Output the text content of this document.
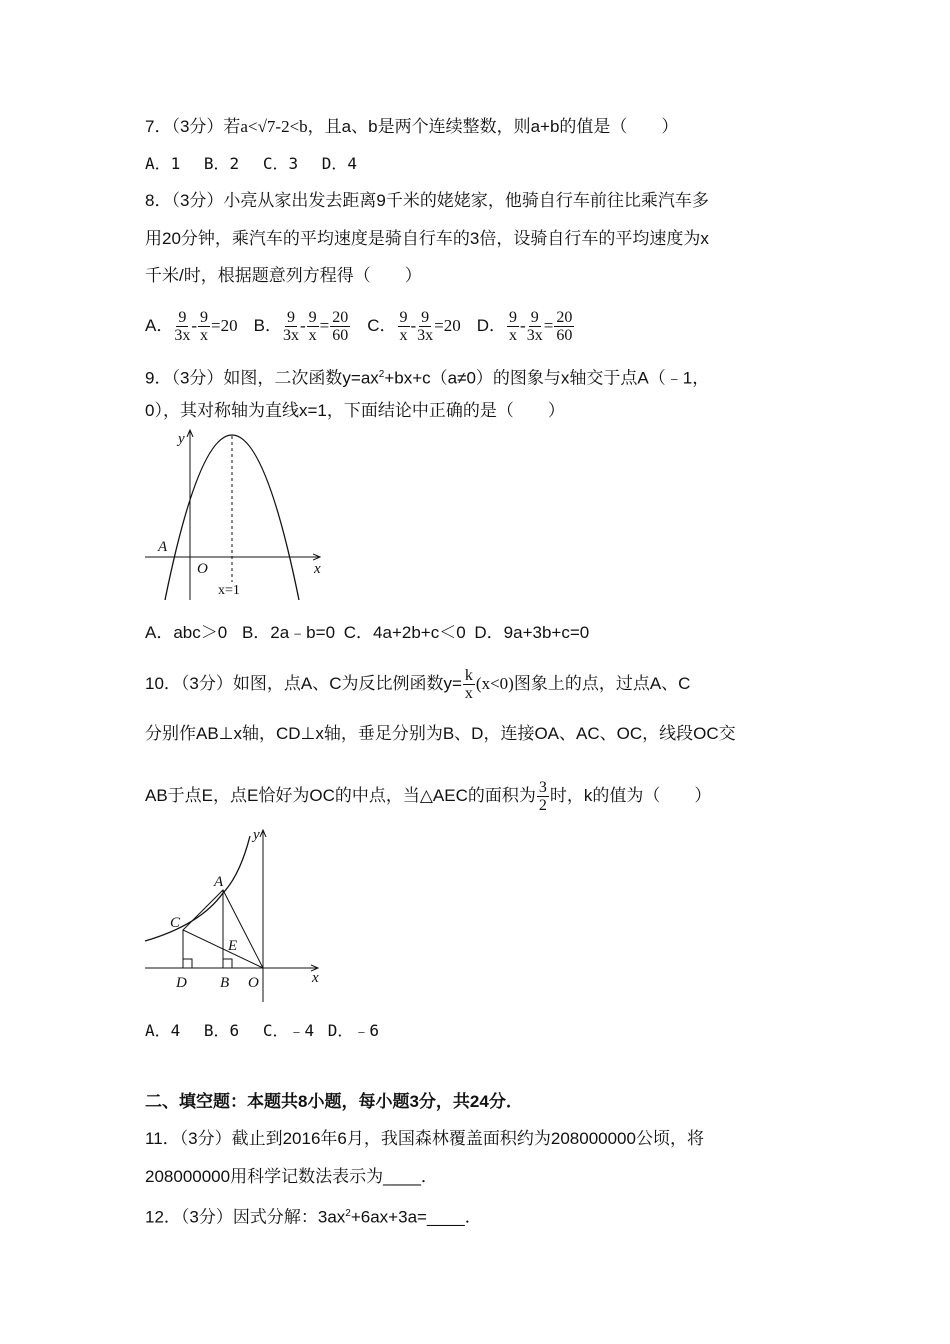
7．（3分）若a<√7-2<b，且a、b是两个连续整数，则a+b的值是（　　）
A．1 B．2 C．3 D．4
8．（3分）小亮从家出发去距离9千米的姥姥家，他骑自行车前往比乘汽车多
用20分钟，乘汽车的平均速度是骑自行车的3倍，设骑自行车的平均速度为x
千米/时，根据题意列方程得（　　）
A． $\frac{9}{3x} - \frac{9}{x} =20$ B． $\frac{9}{3x} - \frac{9}{x} = \frac{20}{60}$ C． $\frac{9}{x} - \frac{9}{3x} =20$ D． $\frac{9}{x} - \frac{9}{3x} = \frac{20}{60}$
9．（3分）如图，二次函数$y=ax^2+bx+c(a\ne 0)$的图象与x轴交于点A（﹣1，
0），其对称轴为直线x=1，下面结论中正确的是（　　）
y
A
O	x
x=1
y
A
C
E
D B O	x
A．abc＞0 B．2a﹣b=0 C．4a+2b+c＜0 D．9a+3b+c=0
10．（3分）如图，点A、C为反比例函数$y= \frac{k}{x} (x<0)$图象上的点，过点A、C
分别作AB⊥x轴，CD⊥x轴，垂足分别为B、D，连接OA、AC、OC，线段OC交
AB于点E，点E恰好为OC的中点，当△AEC的面积为 $\frac{3}{2}$ 时，k的值为（　　）
A．4 B．6 C．﹣4 D．﹣6
二、填空题：本题共8小题，每小题3分，共24分．
11．（3分）截止到2016年6月，我国森林覆盖面积约为208000000公顷，将
208000000用科学记数法表示为____．
12．（3分）因式分解：$3ax^2+6ax+3a=\_\_\_\_$．
